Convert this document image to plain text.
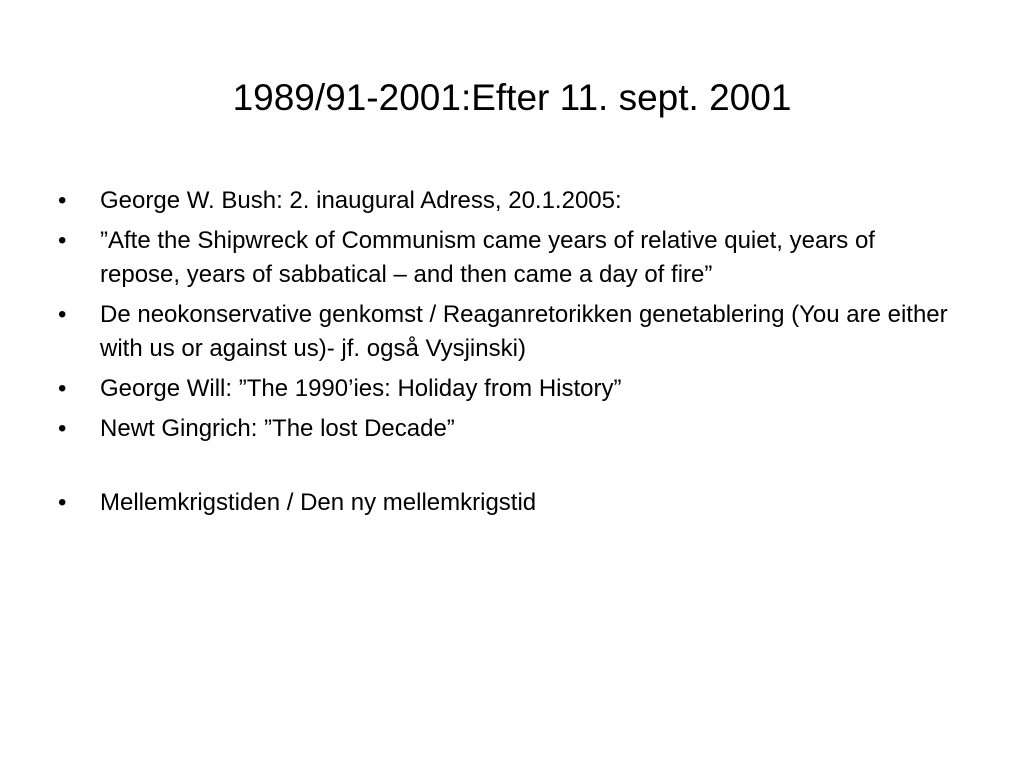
1989/91-2001:Efter 11. sept. 2001
•	George W. Bush: 2. inaugural Adress, 20.1.2005:
•	”Afte the Shipwreck of Communism came years of relative quiet, years of repose, years of sabbatical – and then came a day of fire”
•	De neokonservative genkomst / Reaganretorikken genetablering (You are either with us or against us)- jf. også Vysjinski)
•	George Will: ”The 1990’ies: Holiday from History”
•	Newt Gingrich: ”The lost Decade”
•	Mellemkrigstiden / Den ny mellemkrigstid
